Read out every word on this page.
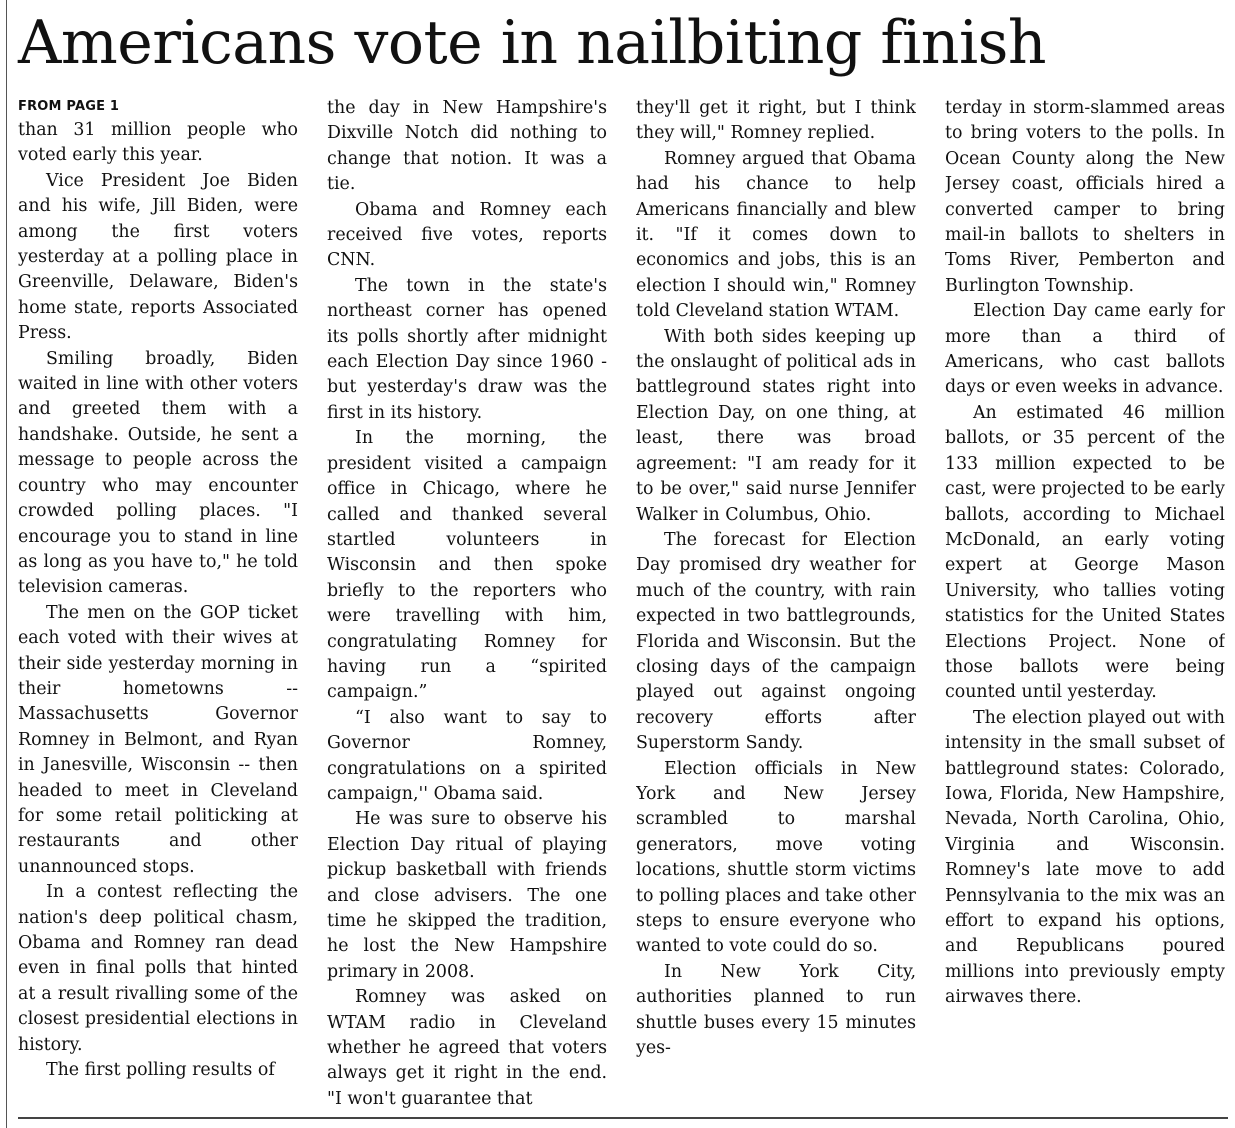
Americans vote in nailbiting finish
FROM PAGE 1

than 31 million people who voted early this year.

Vice President Joe Biden and his wife, Jill Biden, were among the first voters yesterday at a polling place in Greenville, Delaware, Biden's home state, reports Associated Press.

Smiling broadly, Biden waited in line with other voters and greeted them with a handshake. Outside, he sent a message to people across the country who may encounter crowded polling places. "I encourage you to stand in line as long as you have to," he told television cameras.

The men on the GOP ticket each voted with their wives at their side yesterday morning in their hometowns -- Massachusetts Governor Romney in Belmont, and Ryan in Janesville, Wisconsin -- then headed to meet in Cleveland for some retail politicking at restaurants and other unannounced stops.

In a contest reflecting the nation's deep political chasm, Obama and Romney ran dead even in final polls that hinted at a result rivalling some of the closest presidential elections in history.

The first polling results of

the day in New Hampshire's Dixville Notch did nothing to change that notion. It was a tie.

Obama and Romney each received five votes, reports CNN.

The town in the state's northeast corner has opened its polls shortly after midnight each Election Day since 1960 - but yesterday's draw was the first in its history.

In the morning, the president visited a campaign office in Chicago, where he called and thanked several startled volunteers in Wisconsin and then spoke briefly to the reporters who were travelling with him, congratulating Romney for having run a “spirited campaign.”

“I also want to say to Governor Romney, congratulations on a spirited campaign,'' Obama said.

He was sure to observe his Election Day ritual of playing pickup basketball with friends and close advisers. The one time he skipped the tradition, he lost the New Hampshire primary in 2008.

Romney was asked on WTAM radio in Cleveland whether he agreed that voters always get it right in the end. "I won't guarantee that

they'll get it right, but I think they will," Romney replied.

Romney argued that Obama had his chance to help Americans financially and blew it. "If it comes down to economics and jobs, this is an election I should win," Romney told Cleveland station WTAM.

With both sides keeping up the onslaught of political ads in battleground states right into Election Day, on one thing, at least, there was broad agreement: "I am ready for it to be over," said nurse Jennifer Walker in Columbus, Ohio.

The forecast for Election Day promised dry weather for much of the country, with rain expected in two battlegrounds, Florida and Wisconsin. But the closing days of the campaign played out against ongoing recovery efforts after Superstorm Sandy.

Election officials in New York and New Jersey scrambled to marshal generators, move voting locations, shuttle storm victims to polling places and take other steps to ensure everyone who wanted to vote could do so.

In New York City, authorities planned to run shuttle buses every 15 minutes yes-

terday in storm-slammed areas to bring voters to the polls. In Ocean County along the New Jersey coast, officials hired a converted camper to bring mail-in ballots to shelters in Toms River, Pemberton and Burlington Township.

Election Day came early for more than a third of Americans, who cast ballots days or even weeks in advance.

An estimated 46 million ballots, or 35 percent of the 133 million expected to be cast, were projected to be early ballots, according to Michael McDonald, an early voting expert at George Mason University, who tallies voting statistics for the United States Elections Project. None of those ballots were being counted until yesterday.

The election played out with intensity in the small subset of battleground states: Colorado, Iowa, Florida, New Hampshire, Nevada, North Carolina, Ohio, Virginia and Wisconsin. Romney's late move to add Pennsylvania to the mix was an effort to expand his options, and Republicans poured millions into previously empty airwaves there.
